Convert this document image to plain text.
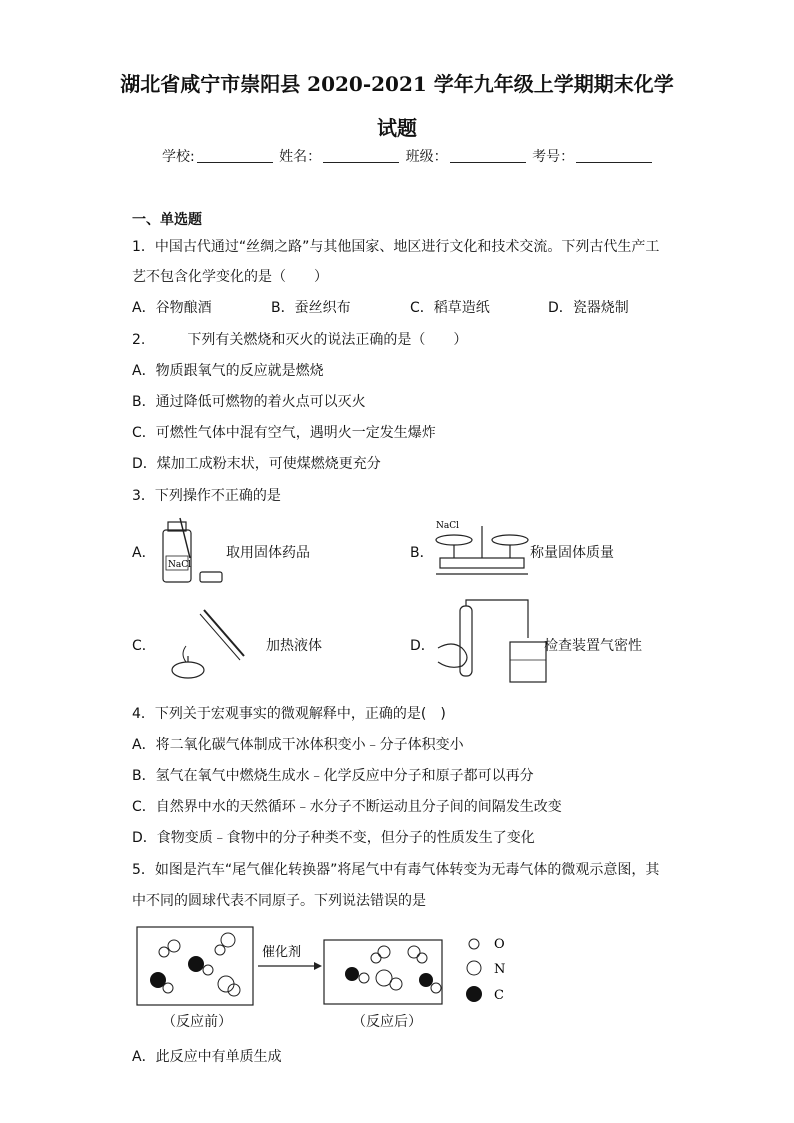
湖北省咸宁市崇阳县 2020-2021 学年九年级上学期期末化学
试题
学校:	姓名：	班级：	考号：
一、单选题
1．中国古代通过“丝绸之路”与其他国家、地区进行文化和技术交流。下列古代生产工
艺不包含化学变化的是（　　）
A．谷物酿酒	B．蚕丝织布	C．稻草造纸	D．瓷器烧制
2.　　　下列有关燃烧和灭火的说法正确的是（　　）
A．物质跟氧气的反应就是燃烧
B．通过降低可燃物的着火点可以灭火
C．可燃性气体中混有空气，遇明火一定发生爆炸
D．煤加工成粉末状，可使煤燃烧更充分
3．下列操作不正确的是
A．
NaCl
取用固体药品	B．
NaCl
称量固体质量
C．	加热液体	D．	检查装置气密性
4．下列关于宏观事实的微观解释中，正确的是(　)
A．将二氧化碳气体制成干冰体积变小﹣分子体积变小
B．氢气在氧气中燃烧生成水﹣化学反应中分子和原子都可以再分
C．自然界中水的天然循环﹣水分子不断运动且分子间的间隔发生改变
D．食物变质﹣食物中的分子种类不变，但分子的性质发生了变化
5．如图是汽车“尾气催化转换器”将尾气中有毒气体转变为无毒气体的微观示意图，其
中不同的圆球代表不同原子。下列说法错误的是
催化剂
O
N
C
（反应前）	（反应后）
A．此反应中有单质生成
